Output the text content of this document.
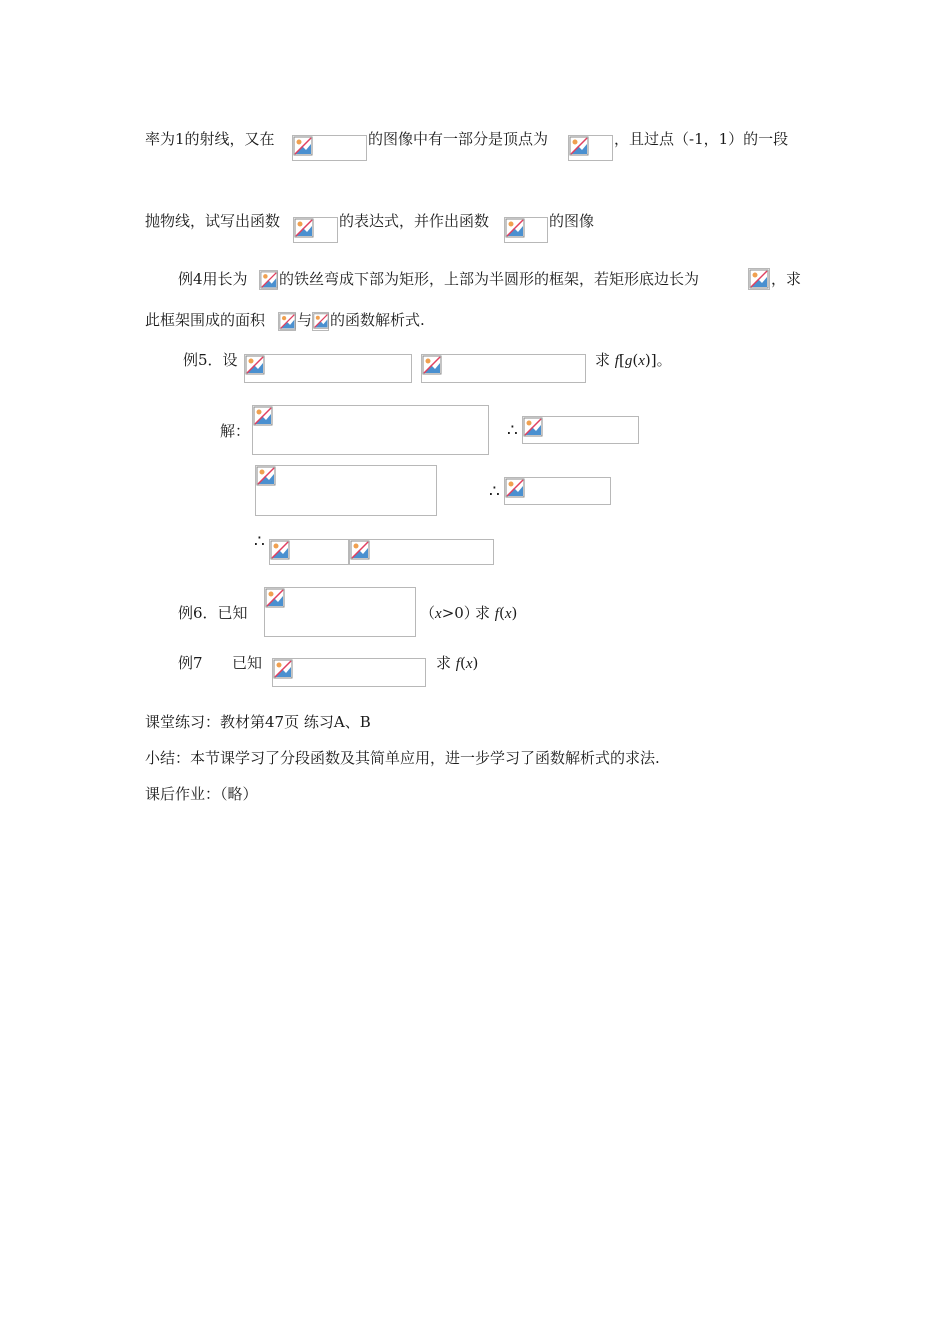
率为1的射线，又在	的图像中有一部分是顶点为	，且过点（-1，1）的一段
抛物线，试写出函数	的表达式，并作出函数	的图像
例4用长为 的铁丝弯成下部为矩形，上部为半圆形的框架，若矩形底边长为	，求
此框架围成的面积 与 的函数解析式.
例5．设	求 f[g(x)]。
解：	∴
∴
∴
例6．已知	（x>0）
求 f(x)
例7 已知	求 f(x)
课堂练习：教材第47页 练习A、B
小结：本节课学习了分段函数及其简单应用，进一步学习了函数解析式的求法.
课后作业：（略）
